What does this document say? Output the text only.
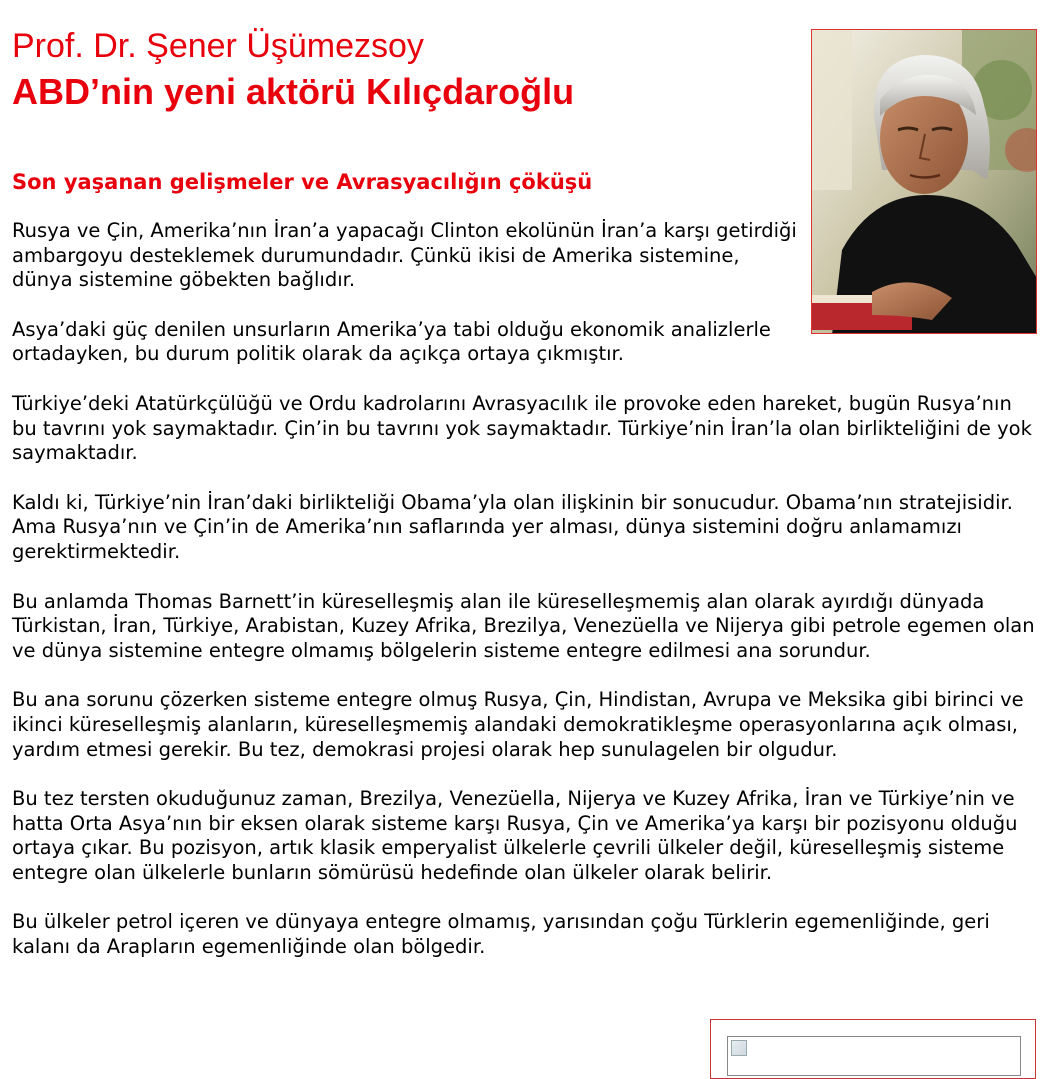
Prof. Dr. Şener Üşümezsoy
ABD’nin yeni aktörü Kılıçdaroğlu
Son yaşanan gelişmeler ve Avrasyacılığın çöküşü

Rusya ve Çin, Amerika’nın İran’a yapacağı Clinton ekolünün İran’a karşı getirdiği ambargoyu desteklemek durumundadır. Çünkü ikisi de Amerika sistemine, dünya sistemine göbekten bağlıdır.

Asya’daki güç denilen unsurların Amerika’ya tabi olduğu ekonomik analizlerle ortadayken, bu durum politik olarak da açıkça ortaya çıkmıştır.

Türkiye’deki Atatürkçülüğü ve Ordu kadrolarını Avrasyacılık ile provoke eden hareket, bugün Rusya’nın bu tavrını yok saymaktadır. Çin’in bu tavrını yok saymaktadır. Türkiye’nin İran’la olan birlikteliğini de yok saymaktadır.

Kaldı ki, Türkiye’nin İran’daki birlikteliği Obama’yla olan ilişkinin bir sonucudur. Obama’nın stratejisidir. Ama Rusya’nın ve Çin’in de Amerika’nın saflarında yer alması, dünya sistemini doğru anlamamızı gerektirmektedir.

Bu anlamda Thomas Barnett’in küreselleşmiş alan ile küreselleşmemiş alan olarak ayırdığı dünyada Türkistan, İran, Türkiye, Arabistan, Kuzey Afrika, Brezilya, Venezüella ve Nijerya gibi petrole egemen olan ve dünya sistemine entegre olmamış bölgelerin sisteme entegre edilmesi ana sorundur.

Bu ana sorunu çözerken sisteme entegre olmuş Rusya, Çin, Hindistan, Avrupa ve Meksika gibi birinci ve ikinci küreselleşmiş alanların, küreselleşmemiş alandaki demokratikleşme operasyonlarına açık olması, yardım etmesi gerekir. Bu tez, demokrasi projesi olarak hep sunulagelen bir olgudur.

Bu tez tersten okuduğunuz zaman, Brezilya, Venezüella, Nijerya ve Kuzey Afrika, İran ve Türkiye’nin ve hatta Orta Asya’nın bir eksen olarak sisteme karşı Rusya, Çin ve Amerika’ya karşı bir pozisyonu olduğu ortaya çıkar. Bu pozisyon, artık klasik emperyalist ülkelerle çevrili ülkeler değil, küreselleşmiş sisteme entegre olan ülkelerle bunların sömürüsü hedefinde olan ülkeler olarak belirir.

Bu ülkeler petrol içeren ve dünyaya entegre olmamış, yarısından çoğu Türklerin egemenliğinde, geri kalanı da Arapların egemenliğinde olan bölgedir.
